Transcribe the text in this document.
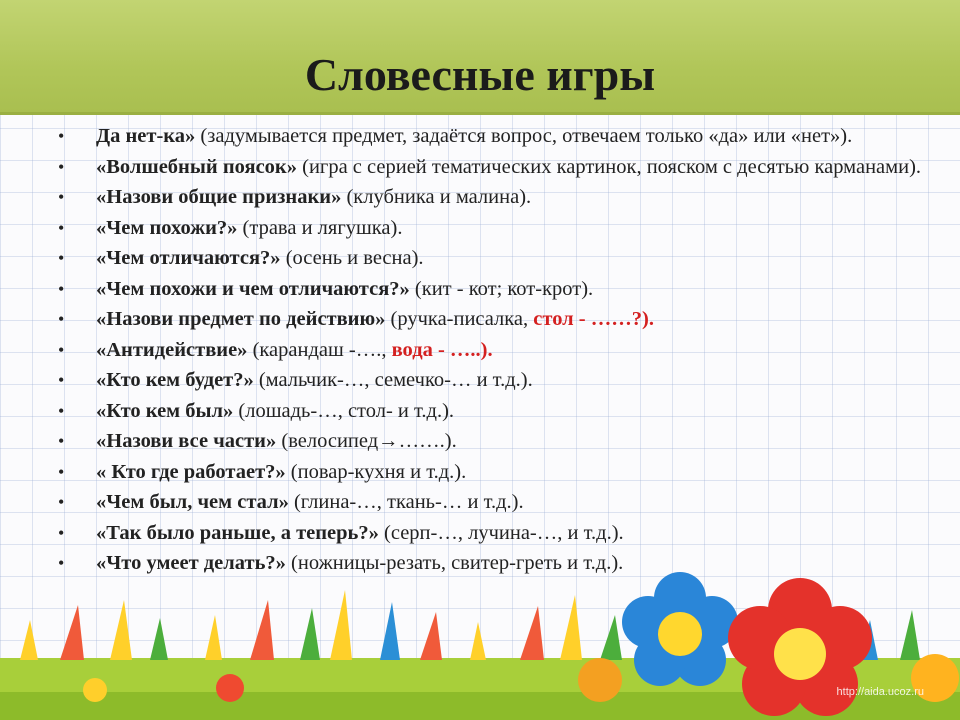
Словесные игры
• Да нет-ка» (задумывается предмет, задаётся вопрос, отвечаем только «да» или «нет»).
• «Волшебный поясок» (игра с серией тематических картинок, пояском с десятью карманами).
• «Назови общие признаки» (клубника и малина).
• «Чем похожи?» (трава и лягушка).
• «Чем отличаются?» (осень и весна).
• «Чем похожи и чем отличаются?» (кит - кот; кот-крот).
• «Назови предмет по действию» (ручка-писалка, стол - ……?).
• «Антидействие» (карандаш -…., вода - …..).
• «Кто кем будет?» (мальчик-…, семечко-… и т.д.).
• «Кто кем был» (лошадь-…, стол- и т.д.).
• «Назови все части» (велосипед→…….).
• « Кто где работает?» (повар-кухня и т.д.).
• «Чем был, чем стал» (глина-…, ткань-… и т.д.).
• «Так было раньше, а теперь?» (серп-…, лучина-…, и т.д.).
• «Что умеет делать?» (ножницы-резать, свитер-греть и т.д.).
http://aida.ucoz.ru
